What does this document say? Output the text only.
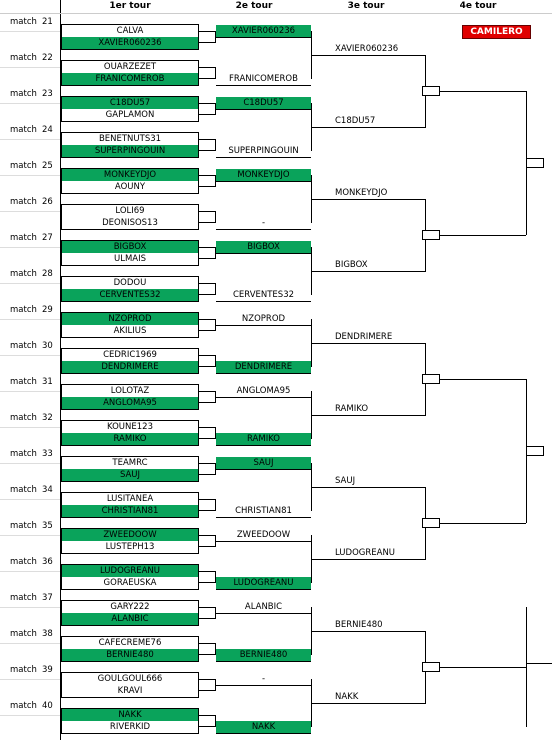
1er tour	2e tour	3e tour	4e tour
match 21
CALVA
XAVIER060236
match 22
OUARZEZET
FRANICOMEROB
match 23
C18DU57
GAPLAMON
match 24
BENETNUTS31
SUPERPINGOUIN
match 25
MONKEYDJO
AOUNY
match 26
LOLI69
DEONISOS13
match 27
BIGBOX
ULMAIS
match 28
DODOU
CERVENTES32
match 29
NZOPROD
AKILIUS
match 30
CEDRIC1969
DENDRIMERE
match 31
LOLOTAZ
ANGLOMA95
match 32
KOUNE123
RAMIKO
match 33
TEAMRC
SAUJ
match 34
LUSITANEA
CHRISTIAN81
match 35
ZWEEDOOW
LUSTEPH13
match 36
LUDOGREANU
GORAEUSKA
match 37
GARY222
ALANBIC
match 38
CAFECREME76
BERNIE480
match 39
GOULGOUL666
KRAVI
match 40
NAKK
RIVERKID
XAVIER060236
FRANICOMEROB
C18DU57
SUPERPINGOUIN
MONKEYDJO
-
BIGBOX
CERVENTES32
NZOPROD
DENDRIMERE
ANGLOMA95
RAMIKO
SAUJ
CHRISTIAN81
ZWEEDOOW
LUDOGREANU
ALANBIC
BERNIE480
-
NAKK
XAVIER060236
C18DU57
MONKEYDJO
BIGBOX
DENDRIMERE
RAMIKO
SAUJ
LUDOGREANU
BERNIE480
NAKK
CAMILERO
